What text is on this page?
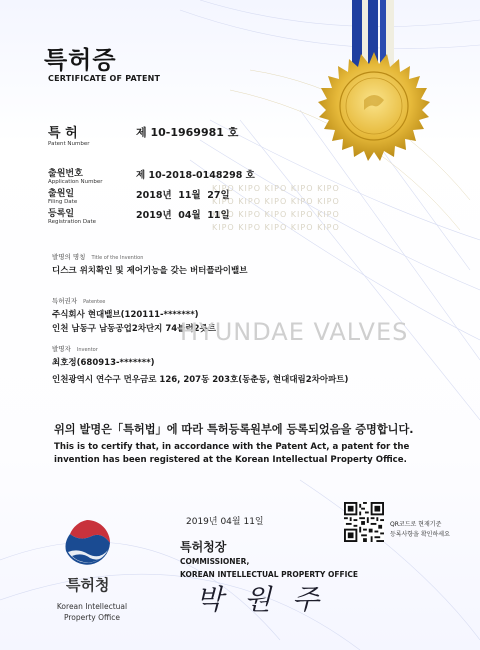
KIPO KIPO KIPO KIPO KIPO
KIPO KIPO KIPO KIPO KIPO
KIPO KIPO KIPO KIPO KIPO
KIPO KIPO KIPO KIPO KIPO
특허증
CERTIFICATE OF PATENT
특 허
Patent Number
제 10-1969981 호
출원번호
Application Number
제 10-2018-0148298 호
출원일
Filing Date
2018년  11월  27일
등록일
Registration Date
2019년  04월  11일
발명의 명칭 Title of the Invention
디스크 위치확인 및 제어기능을 갖는 버터플라이밸브
특허권자 Patentee
주식회사 현대밸브(120111-*******)
인천 남동구 남동공업2차단지 74블럭2롯트
HYUNDAE VALVES
발명자 Inventor
최호정(680913-*******)
인천광역시 연수구 먼우금로 126, 207동 203호(동춘동, 현대대림2차아파트)
위의 발명은「특허법」에 따라 특허등록원부에 등록되었음을 증명합니다.
This is to certify that, in accordance with the Patent Act, a patent for the invention has been registered at the Korean Intellectual Property Office.
2019년 04월 11일	QR코드로 현재기준
등록사항을 확인하세요
특허청장
COMMISSIONER,
KOREAN INTELLECTUAL PROPERTY OFFICE
박 원 주
특허청
Korean Intellectual
Property Office
